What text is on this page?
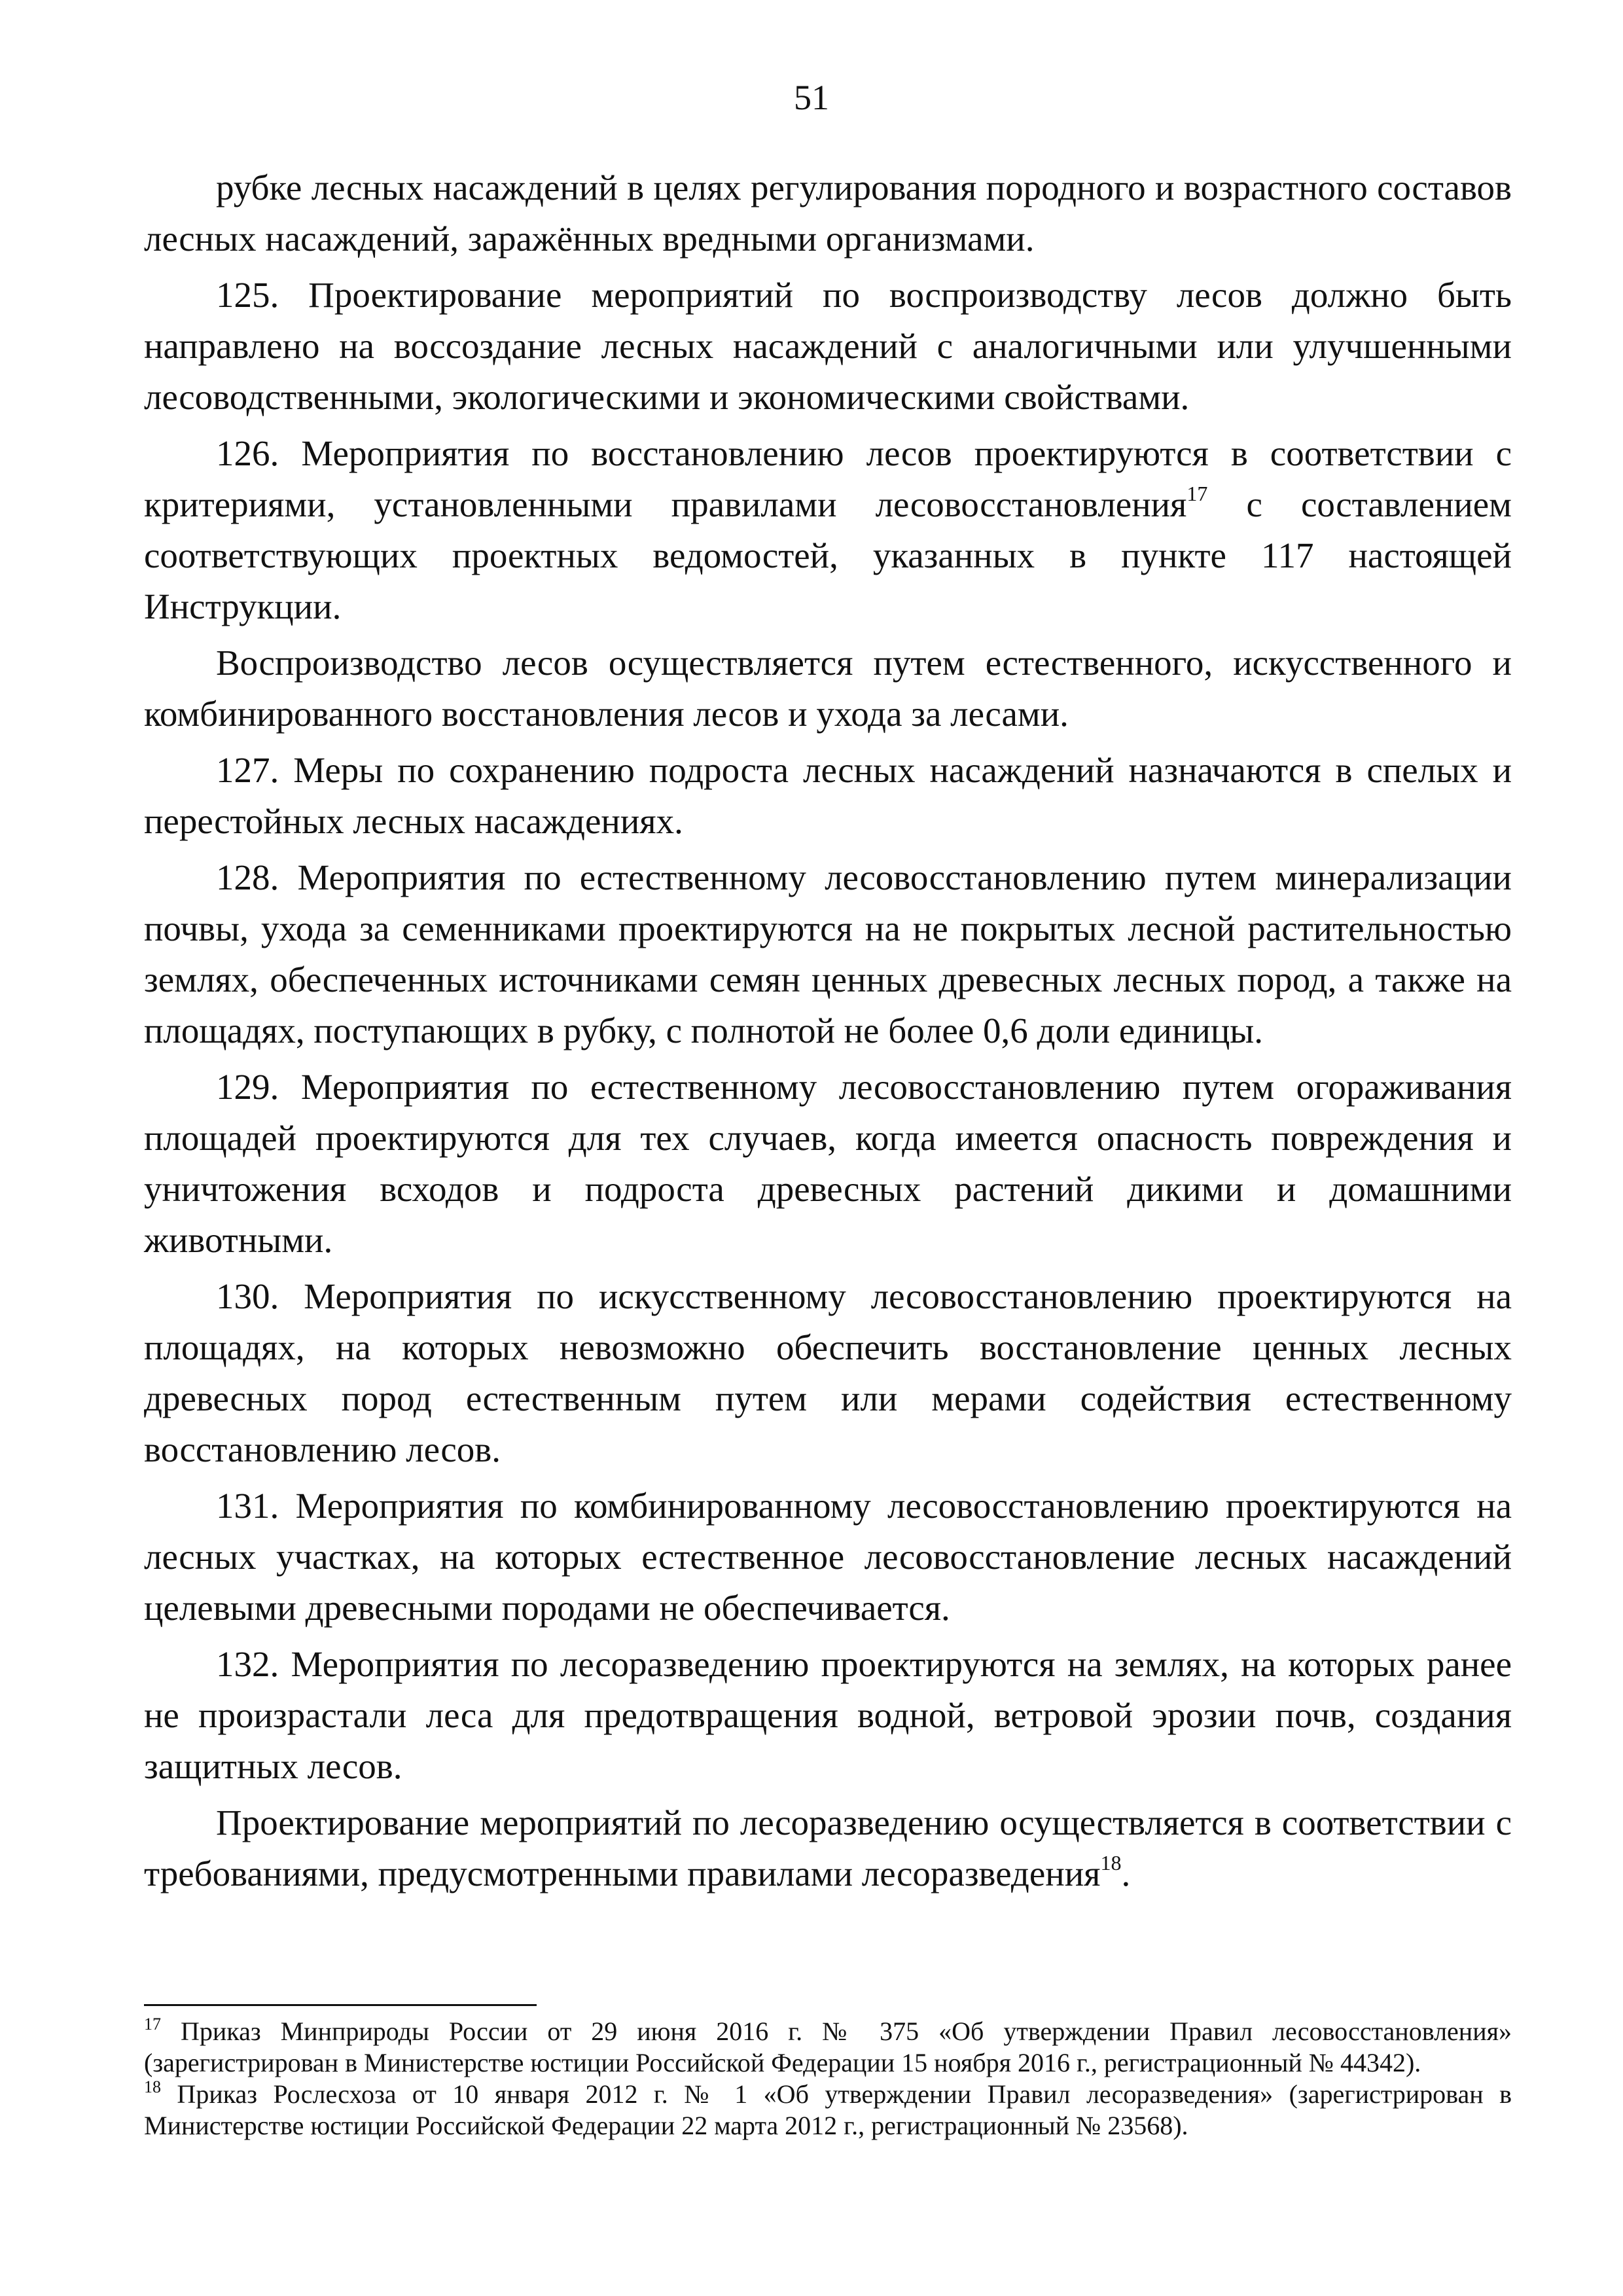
51

рубке лесных насаждений в целях регулирования породного и возрастного составов лесных насаждений, заражённых вредными организмами.

125. Проектирование мероприятий по воспроизводству лесов должно быть направлено на воссоздание лесных насаждений с аналогичными или улучшенными лесоводственными, экологическими и экономическими свойствами.

126. Мероприятия по восстановлению лесов проектируются в соответствии с критериями, установленными правилами лесовосстановления$^{17}$ с составлением соответствующих проектных ведомостей, указанных в пункте 117 настоящей Инструкции.

Воспроизводство лесов осуществляется путем естественного, искусственного и комбинированного восстановления лесов и ухода за лесами.

127. Меры по сохранению подроста лесных насаждений назначаются в спелых и перестойных лесных насаждениях.

128. Мероприятия по естественному лесовосстановлению путем минерализации почвы, ухода за семенниками проектируются на не покрытых лесной растительностью землях, обеспеченных источниками семян ценных древесных лесных пород, а также на площадях, поступающих в рубку, с полнотой не более 0,6 доли единицы.

129. Мероприятия по естественному лесовосстановлению путем огораживания площадей проектируются для тех случаев, когда имеется опасность повреждения и уничтожения всходов и подроста древесных растений дикими и домашними животными.

130. Мероприятия по искусственному лесовосстановлению проектируются на площадях, на которых невозможно обеспечить восстановление ценных лесных древесных пород естественным путем или мерами содействия естественному восстановлению лесов.

131. Мероприятия по комбинированному лесовосстановлению проектируются на лесных участках, на которых естественное лесовосстановление лесных насаждений целевыми древесными породами не обеспечивается.

132. Мероприятия по лесоразведению проектируются на землях, на которых ранее не произрастали леса для предотвращения водной, ветровой эрозии почв, создания защитных лесов.

Проектирование мероприятий по лесоразведению осуществляется в соответствии с требованиями, предусмотренными правилами лесоразведения$^{18}$.

$^{17}$ Приказ Минприроды России от 29 июня 2016 г. № 375 «Об утверждении Правил лесовосстановления» (зарегистрирован в Министерстве юстиции Российской Федерации 15 ноября 2016 г., регистрационный № 44342).

$^{18}$ Приказ Рослесхоза от 10 января 2012 г. № 1 «Об утверждении Правил лесоразведения» (зарегистрирован в Министерстве юстиции Российской Федерации 22 марта 2012 г., регистрационный № 23568).
